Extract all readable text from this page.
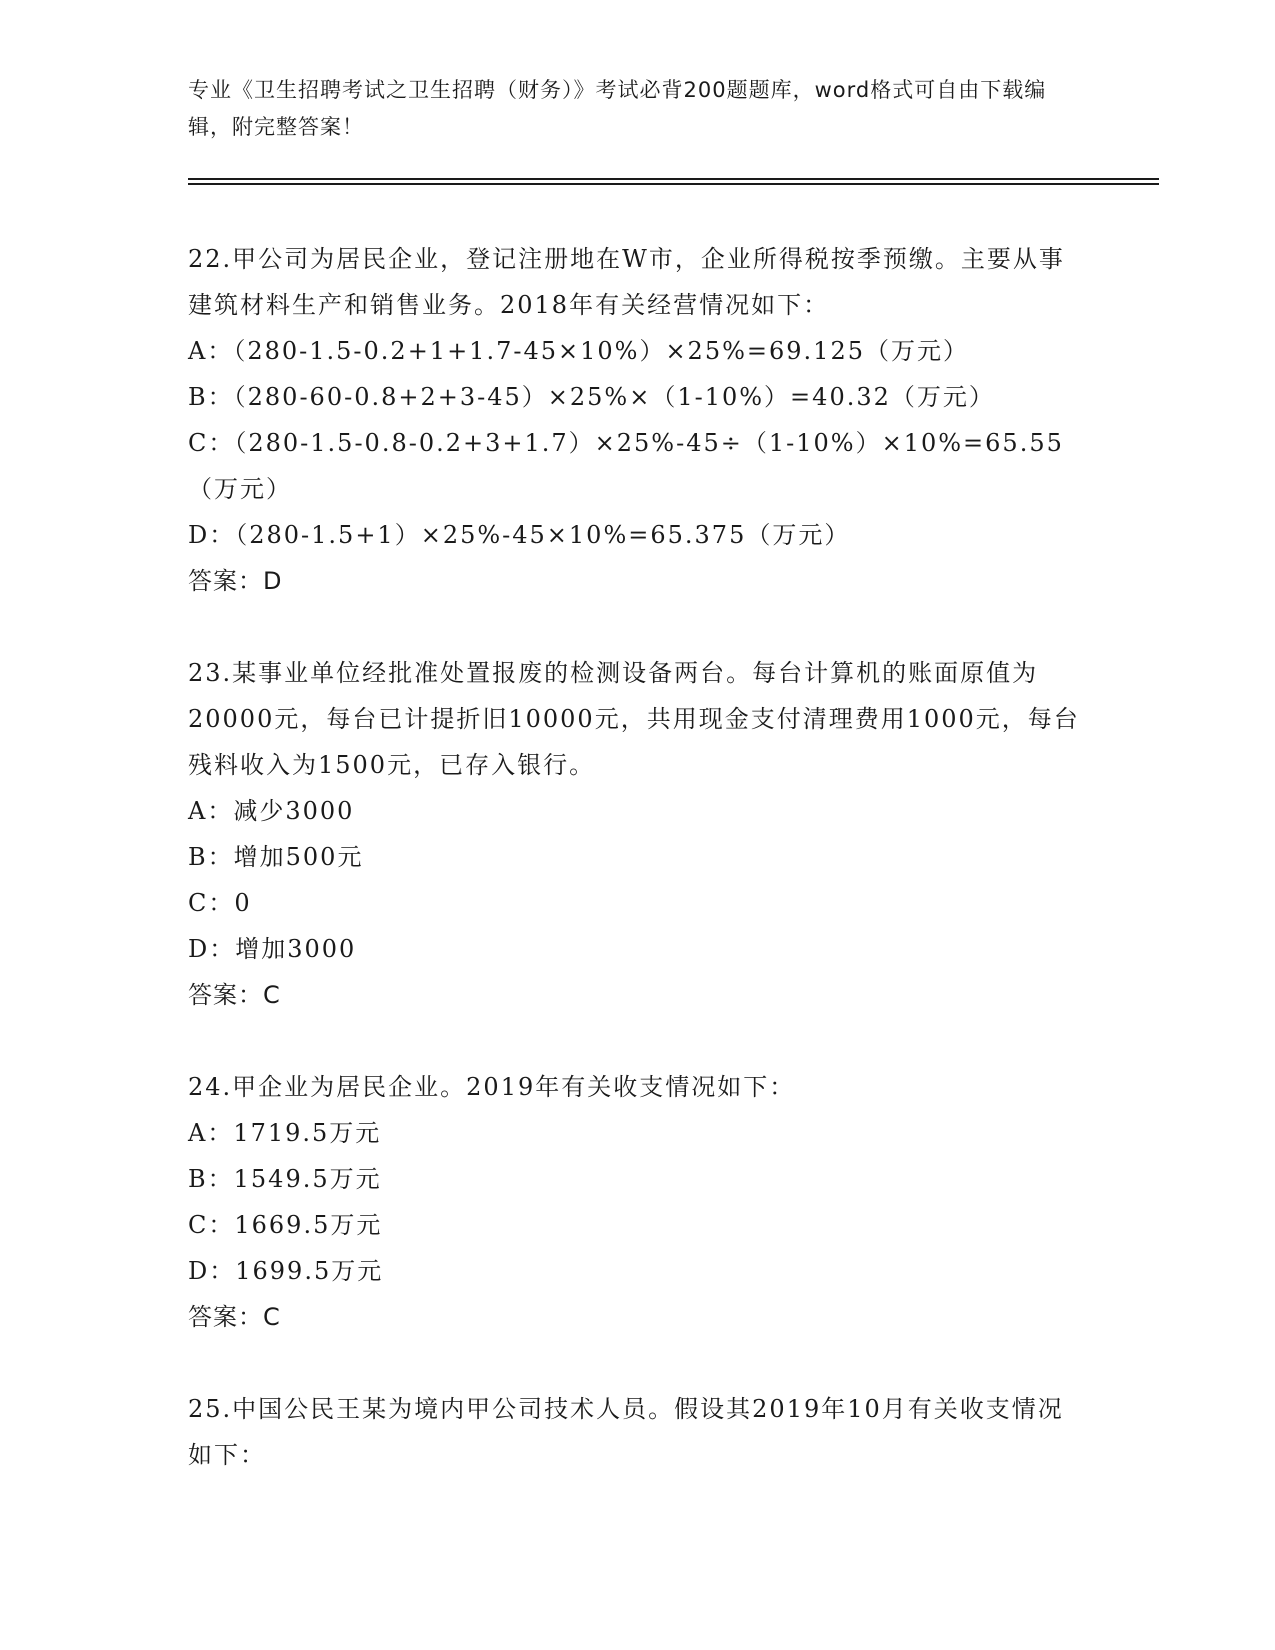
专业《卫生招聘考试之卫生招聘（财务）》考试必背200题题库，word格式可自由下载编辑，附完整答案！

22.甲公司为居民企业，登记注册地在W市，企业所得税按季预缴。主要从事建筑材料生产和销售业务。2018年有关经营情况如下：

A：（280-1.5-0.2+1+1.7-45×10%）×25%=69.125（万元）

B：（280-60-0.8+2+3-45）×25%×（1-10%）=40.32（万元）

C：（280-1.5-0.8-0.2+3+1.7）×25%-45÷（1-10%）×10%=65.55（万元）

D：（280-1.5+1）×25%-45×10%=65.375（万元）

答案：D

23.某事业单位经批准处置报废的检测设备两台。每台计算机的账面原值为20000元，每台已计提折旧10000元，共用现金支付清理费用1000元，每台残料收入为1500元，已存入银行。

A：减少3000

B：增加500元

C：0

D：增加3000

答案：C

24.甲企业为居民企业。2019年有关收支情况如下：

A：1719.5万元

B：1549.5万元

C：1669.5万元

D：1699.5万元

答案：C

25.中国公民王某为境内甲公司技术人员。假设其2019年10月有关收支情况如下：
